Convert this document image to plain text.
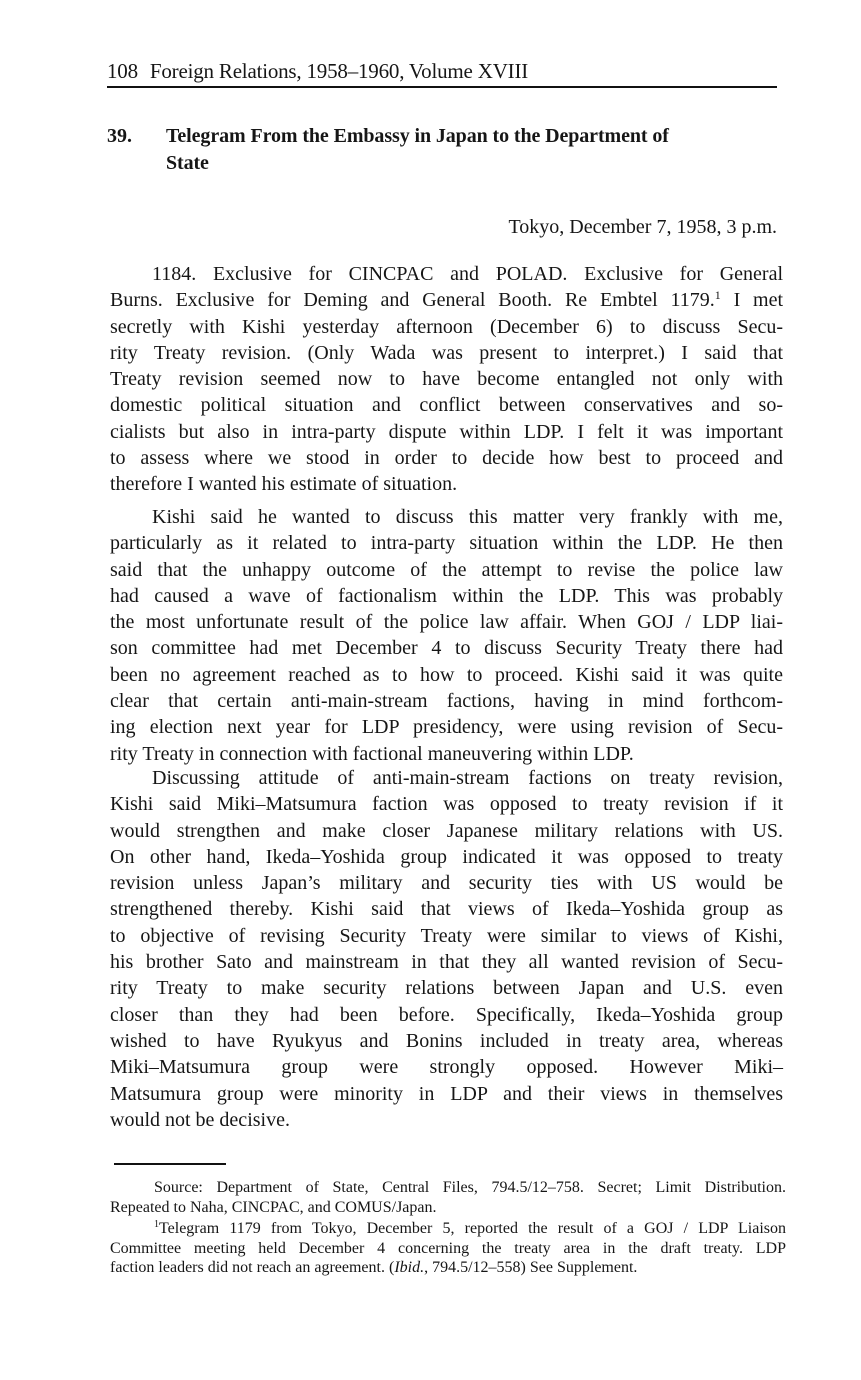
108 Foreign Relations, 1958–1960, Volume XVIII
39. Telegram From the Embassy in Japan to the Department of
State
Tokyo, December 7, 1958, 3 p.m.
1184. Exclusive for CINCPAC and POLAD. Exclusive for General
Burns. Exclusive for Deming and General Booth. Re Embtel 1179.$^1$ I met
secretly with Kishi yesterday afternoon (December 6) to discuss Secu-
rity Treaty revision. (Only Wada was present to interpret.) I said that
Treaty revision seemed now to have become entangled not only with
domestic political situation and conflict between conservatives and so-
cialists but also in intra-party dispute within LDP. I felt it was important
to assess where we stood in order to decide how best to proceed and
therefore I wanted his estimate of situation.
Kishi said he wanted to discuss this matter very frankly with me,
particularly as it related to intra-party situation within the LDP. He then
said that the unhappy outcome of the attempt to revise the police law
had caused a wave of factionalism within the LDP. This was probably
the most unfortunate result of the police law affair. When GOJ / LDP liai-
son committee had met December 4 to discuss Security Treaty there had
been no agreement reached as to how to proceed. Kishi said it was quite
clear that certain anti-main-stream factions, having in mind forthcom-
ing election next year for LDP presidency, were using revision of Secu-
rity Treaty in connection with factional maneuvering within LDP.
Discussing attitude of anti-main-stream factions on treaty revision,
Kishi said Miki–Matsumura faction was opposed to treaty revision if it
would strengthen and make closer Japanese military relations with US.
On other hand, Ikeda–Yoshida group indicated it was opposed to treaty
revision unless Japan’s military and security ties with US would be
strengthened thereby. Kishi said that views of Ikeda–Yoshida group as
to objective of revising Security Treaty were similar to views of Kishi,
his brother Sato and mainstream in that they all wanted revision of Secu-
rity Treaty to make security relations between Japan and U.S. even
closer than they had been before. Specifically, Ikeda–Yoshida group
wished to have Ryukyus and Bonins included in treaty area, whereas
Miki–Matsumura group were strongly opposed. However Miki–
Matsumura group were minority in LDP and their views in themselves
would not be decisive.
Source: Department of State, Central Files, 794.5/12–758. Secret; Limit Distribution.
Repeated to Naha, CINCPAC, and COMUS/Japan.
$^1$Telegram 1179 from Tokyo, December 5, reported the result of a GOJ / LDP Liaison
Committee meeting held December 4 concerning the treaty area in the draft treaty. LDP
faction leaders did not reach an agreement. (Ibid., 794.5/12–558) See Supplement.
